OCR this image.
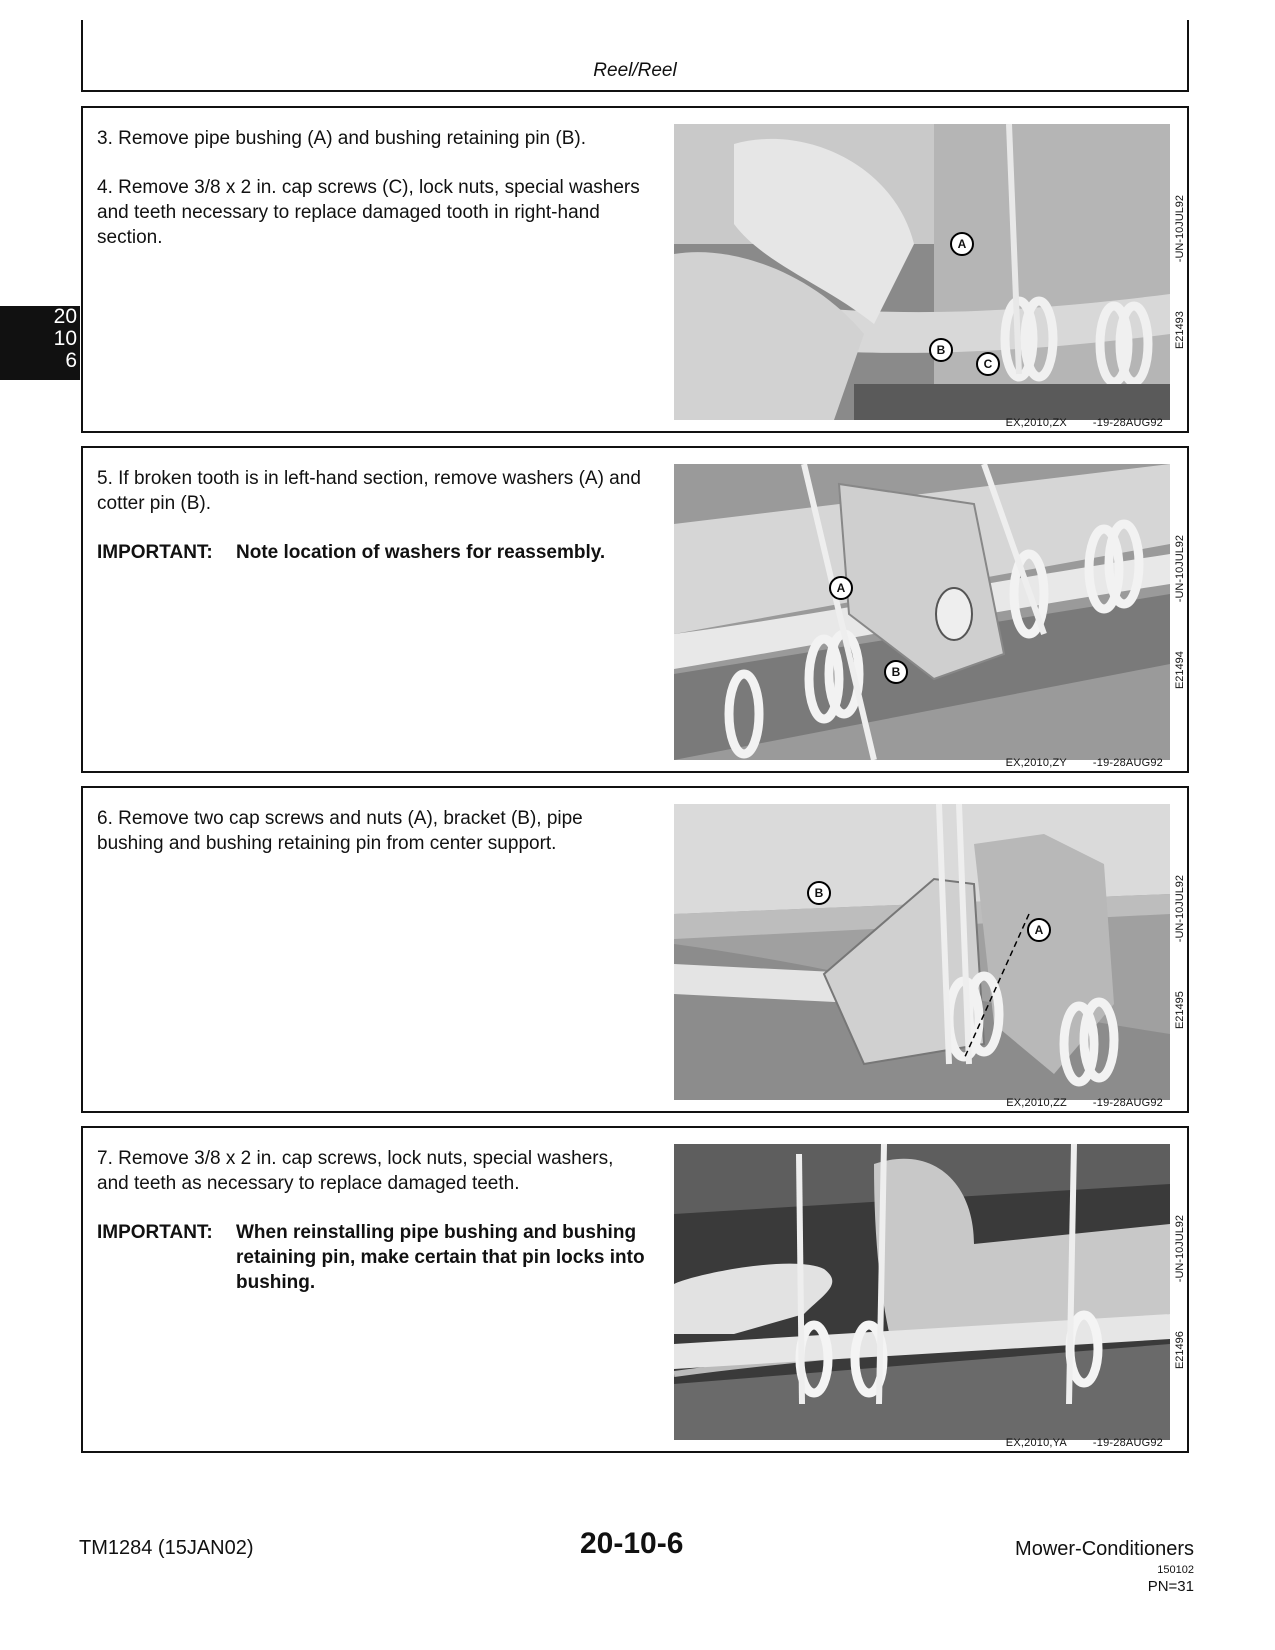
Reel/Reel
20
10
6

3. Remove pipe bushing (A) and bushing retaining pin (B).

4. Remove 3/8 x 2 in. cap screws (C), lock nuts, special washers and teeth necessary to replace damaged tooth in right-hand section.	A
B
C
E21493                -UN-10JUL92
EX,2010,ZX -19-28AUG92

5. If broken tooth is in left-hand section, remove washers (A) and cotter pin (B).

IMPORTANT:	Note location of washers for reassembly.
A
B	E21494                -UN-10JUL92
EX,2010,ZY -19-28AUG92

6. Remove two cap screws and nuts (A), bracket (B), pipe bushing and bushing retaining pin from center support.

B
A
E21495                -UN-10JUL92
EX,2010,ZZ -19-28AUG92

7. Remove 3/8 x 2 in. cap screws, lock nuts, special washers, and teeth as necessary to replace damaged teeth.

IMPORTANT:	When reinstalling pipe bushing and bushing retaining pin, make certain that pin locks into bushing.
E21496                -UN-10JUL92
EX,2010,YA -19-28AUG92
TM1284 (15JAN02)	20-10-6	Mower-Conditioners
150102
PN=31
